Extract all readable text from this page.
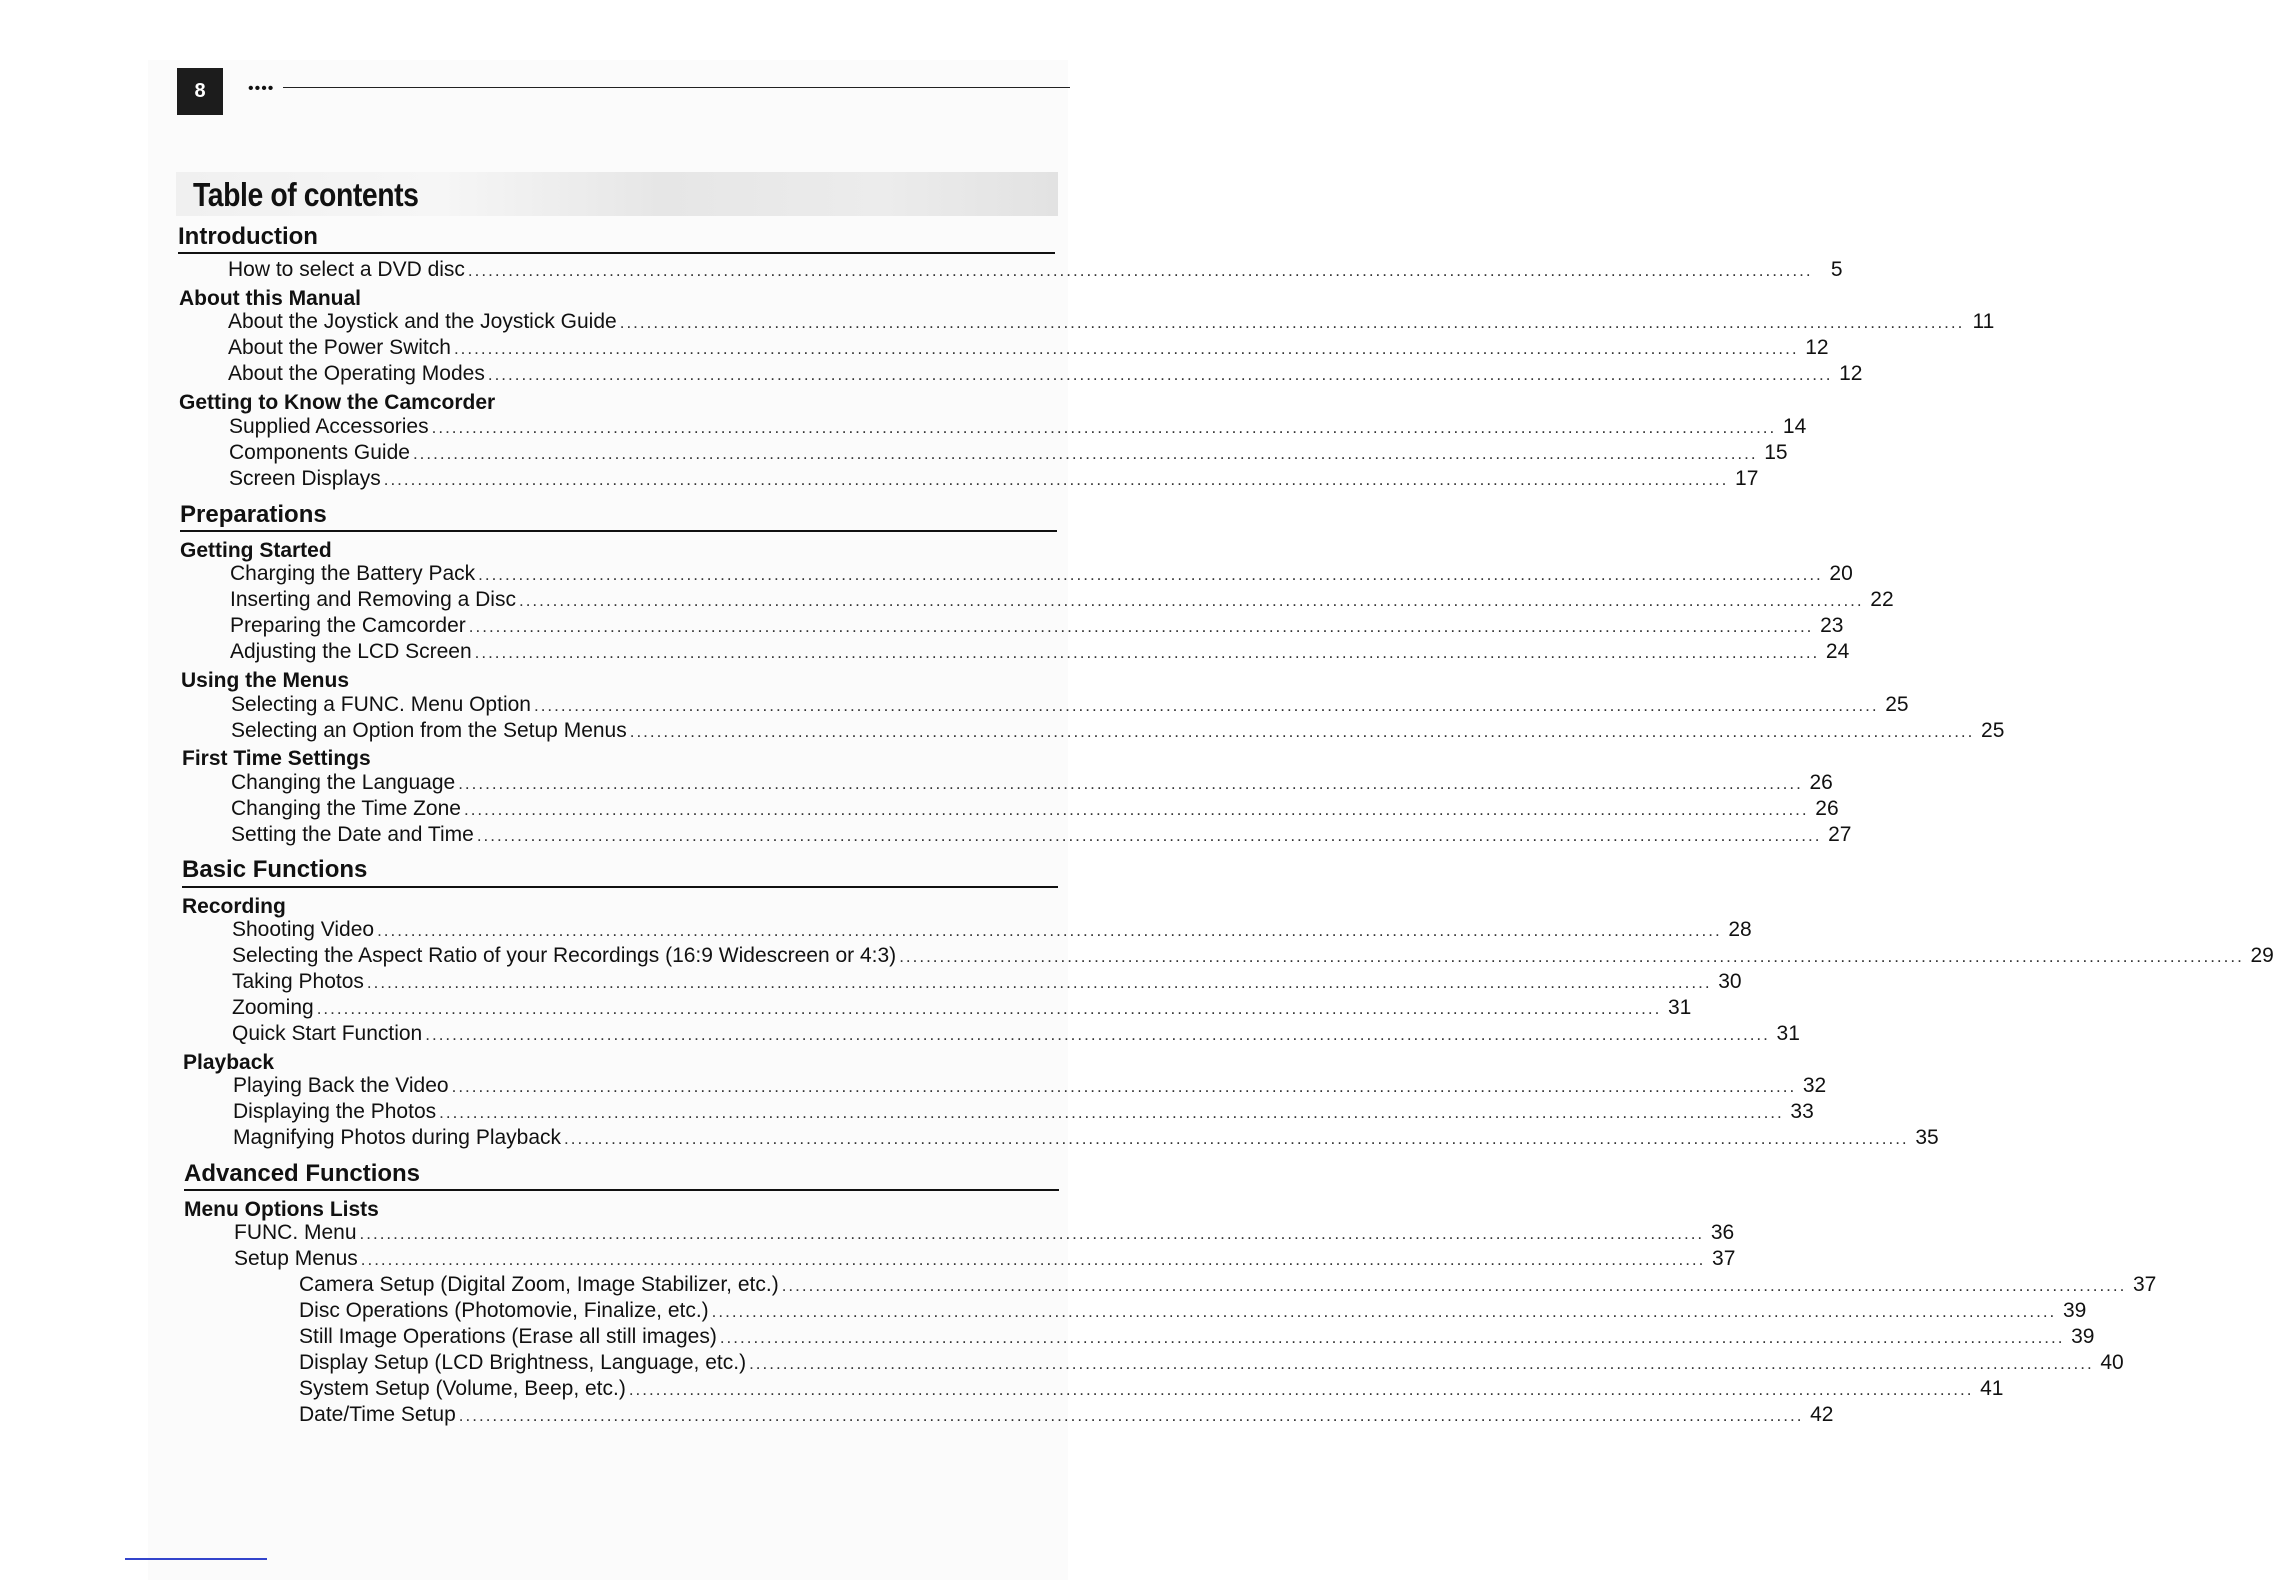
8	••••
Table of contents
Introduction
How to select a DVD disc ........................................................................................................................................................................................................ 5
About this Manual
About the Joystick and the Joystick Guide ........................................................................................................................................................................................................ 11
About the Power Switch ........................................................................................................................................................................................................ 12
About the Operating Modes ........................................................................................................................................................................................................ 12
Getting to Know the Camcorder
Supplied Accessories ........................................................................................................................................................................................................ 14
Components Guide ........................................................................................................................................................................................................ 15
Screen Displays ........................................................................................................................................................................................................ 17
Preparations
Getting Started
Charging the Battery Pack ........................................................................................................................................................................................................ 20
Inserting and Removing a Disc ........................................................................................................................................................................................................ 22
Preparing the Camcorder ........................................................................................................................................................................................................ 23
Adjusting the LCD Screen ........................................................................................................................................................................................................ 24
Using the Menus
Selecting a FUNC. Menu Option ........................................................................................................................................................................................................ 25
Selecting an Option from the Setup Menus ........................................................................................................................................................................................................ 25
First Time Settings
Changing the Language ........................................................................................................................................................................................................ 26
Changing the Time Zone ........................................................................................................................................................................................................ 26
Setting the Date and Time ........................................................................................................................................................................................................ 27
Basic Functions
Recording
Shooting Video ........................................................................................................................................................................................................ 28
Selecting the Aspect Ratio of your Recordings (16:9 Widescreen or 4:3) ........................................................................................................................................................................................................ 29
Taking Photos ........................................................................................................................................................................................................ 30
Zooming ........................................................................................................................................................................................................ 31
Quick Start Function ........................................................................................................................................................................................................ 31
Playback
Playing Back the Video ........................................................................................................................................................................................................ 32
Displaying the Photos ........................................................................................................................................................................................................ 33
Magnifying Photos during Playback ........................................................................................................................................................................................................ 35
Advanced Functions
Menu Options Lists
FUNC. Menu ........................................................................................................................................................................................................ 36
Setup Menus ........................................................................................................................................................................................................ 37
Camera Setup (Digital Zoom, Image Stabilizer, etc.) ........................................................................................................................................................................................................ 37
Disc Operations (Photomovie, Finalize, etc.) ........................................................................................................................................................................................................ 39
Still Image Operations (Erase all still images) ........................................................................................................................................................................................................ 39
Display Setup (LCD Brightness, Language, etc.) ........................................................................................................................................................................................................ 40
System Setup (Volume, Beep, etc.) ........................................................................................................................................................................................................ 41
Date/Time Setup ........................................................................................................................................................................................................ 42
